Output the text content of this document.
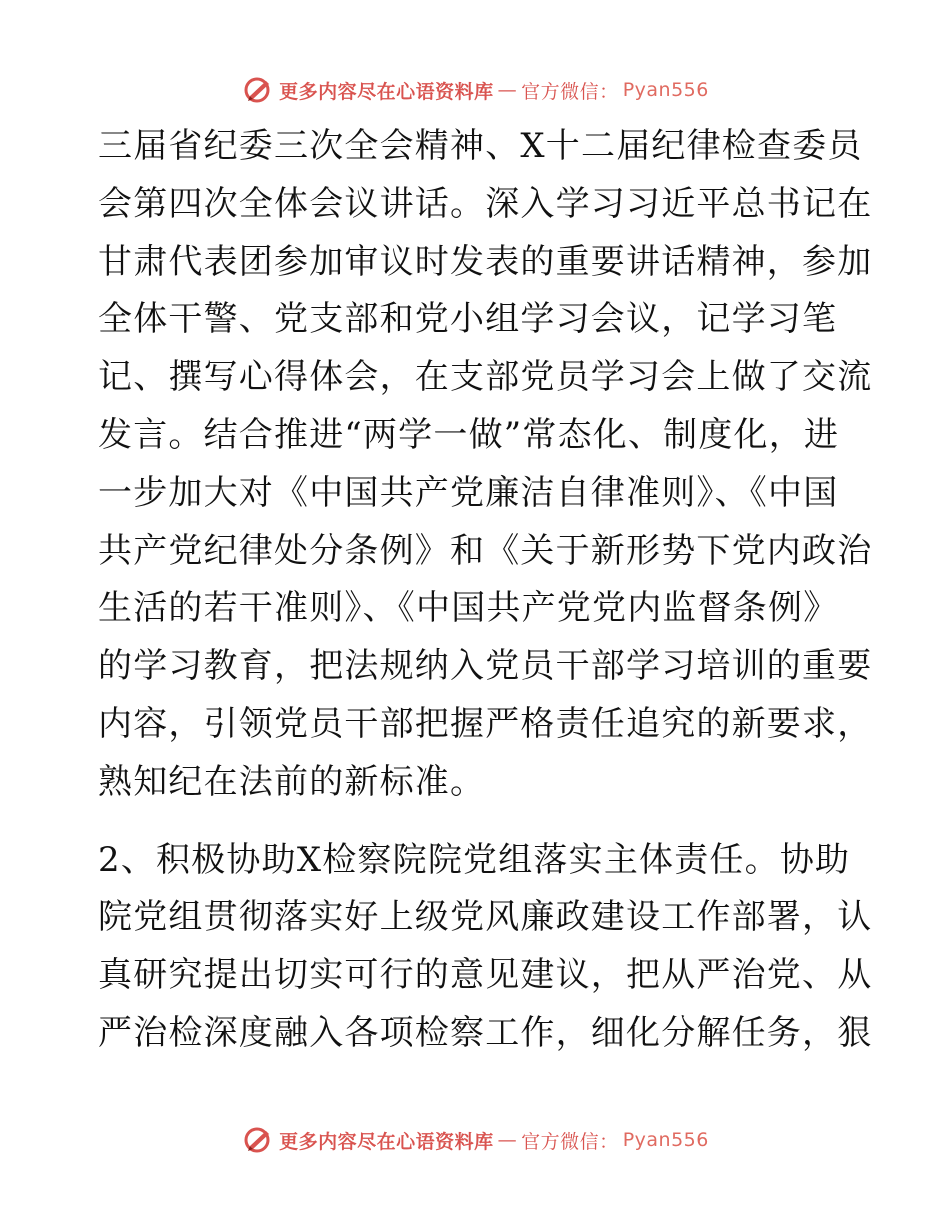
更多内容尽在心语资料库 — 官方微信： Pyan556
三届省纪委三次全会精神、X十二届纪律检查委员
会第四次全体会议讲话。深入学习习近平总书记在
甘肃代表团参加审议时发表的重要讲话精神，参加
全体干警、党支部和党小组学习会议，记学习笔
记、撰写心得体会，在支部党员学习会上做了交流
发言。结合推进“两学一做”常态化、制度化，进
一步加大对《中国共产党廉洁自律准则》、《中国
共产党纪律处分条例》和《关于新形势下党内政治
生活的若干准则》、《中国共产党党内监督条例》
的学习教育，把法规纳入党员干部学习培训的重要
内容，引领党员干部把握严格责任追究的新要求，
熟知纪在法前的新标准。
2、积极协助X检察院院党组落实主体责任。协助
院党组贯彻落实好上级党风廉政建设工作部署，认
真研究提出切实可行的意见建议，把从严治党、从
严治检深度融入各项检察工作，细化分解任务，狠
更多内容尽在心语资料库 — 官方微信： Pyan556
